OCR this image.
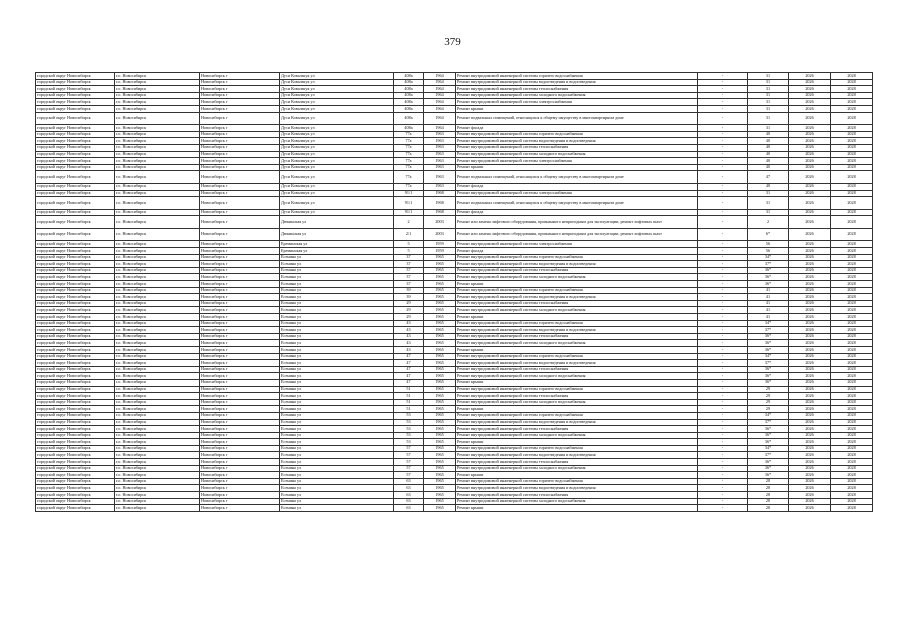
379
городской округ Новосибирск	г.о. Новосибирск	Новосибирск г	Дуси Ковальчук ул	408а	1964	Ремонт внутридомовой инженерной системы горячего водоснабжения	-	31	2026	2028
городской округ Новосибирск	г.о. Новосибирск	Новосибирск г	Дуси Ковальчук ул	408а	1964	Ремонт внутридомовой инженерной системы водоотведения и водоотведения	-	31	2026	2028
городской округ Новосибирск	г.о. Новосибирск	Новосибирск г	Дуси Ковальчук ул	408а	1964	Ремонт внутридомовой инженерной системы теплоснабжения	-	31	2026	2028
городской округ Новосибирск	г.о. Новосибирск	Новосибирск г	Дуси Ковальчук ул	408а	1964	Ремонт внутридомовой инженерной системы холодного водоснабжения	-	31	2026	2028
городской округ Новосибирск	г.о. Новосибирск	Новосибирск г	Дуси Ковальчук ул	408а	1964	Ремонт внутридомовой инженерной системы электроснабжения	-	31	2026	2028
городской округ Новосибирск	г.о. Новосибирск	Новосибирск г	Дуси Ковальчук ул	408а	1964	Ремонт крыши	-	31	2026	2028
городской округ Новосибирск	г.о. Новосибирск	Новосибирск г	Дуси Ковальчук ул	408а	1964	Ремонт подвальных помещений, относящихся к общему имуществу в многоквартирном доме	-	31	2026	2028
городской округ Новосибирск	г.о. Новосибирск	Новосибирск г	Дуси Ковальчук ул	408а	1964	Ремонт фасада	-	31	2026	2028
городской округ Новосибирск	г.о. Новосибирск	Новосибирск г	Дуси Ковальчук ул	77а	1963	Ремонт внутридомовой инженерной системы горячего водоснабжения	-	40	2026	2028
городской округ Новосибирск	г.о. Новосибирск	Новосибирск г	Дуси Ковальчук ул	77а	1963	Ремонт внутридомовой инженерной системы водоотведения и водоотведения	-	40	2026	2028
городской округ Новосибирск	г.о. Новосибирск	Новосибирск г	Дуси Ковальчук ул	77а	1963	Ремонт внутридомовой инженерной системы теплоснабжения	-	40	2026	2028
городской округ Новосибирск	г.о. Новосибирск	Новосибирск г	Дуси Ковальчук ул	77а	1963	Ремонт внутридомовой инженерной системы холодного водоснабжения	-	40	2026	2028
городской округ Новосибирск	г.о. Новосибирск	Новосибирск г	Дуси Ковальчук ул	77а	1963	Ремонт внутридомовой инженерной системы электроснабжения	-	40	2026	2028
городской округ Новосибирск	г.о. Новосибирск	Новосибирск г	Дуси Ковальчук ул	77а	1963	Ремонт крыши	-	40	2026	2028
городской округ Новосибирск	г.о. Новосибирск	Новосибирск г	Дуси Ковальчук ул	77а	1963	Ремонт подвальных помещений, относящихся к общему имуществу в многоквартирном доме	-	47	2026	2028
городской округ Новосибирск	г.о. Новосибирск	Новосибирск г	Дуси Ковальчук ул	77а	1963	Ремонт фасада	-	40	2026	2028
городской округ Новосибирск	г.о. Новосибирск	Новосибирск г	Дуси Ковальчук ул	91/1	1968	Ремонт внутридомовой инженерной системы электроснабжения	-	31	2026	2028
городской округ Новосибирск	г.о. Новосибирск	Новосибирск г	Дуси Ковальчук ул	91/1	1968	Ремонт подвальных помещений, относящихся к общему имуществу в многоквартирном доме	-	31	2026	2028
городской округ Новосибирск	г.о. Новосибирск	Новосибирск г	Дуси Ковальчук ул	91/1	1968	Ремонт фасада	-	31	2026	2028
городской округ Новосибирск	г.о. Новосибирск	Новосибирск г	Дюкинская ул	2	2003	Ремонт или замена лифтового оборудования, признанного непригодным для эксплуатации, ремонт лифтовых шахт	-	2	2026	2028
городской округ Новосибирск	г.о. Новосибирск	Новосибирск г	Дюкинская ул	2/1	2003	Ремонт или замена лифтового оборудования, признанного непригодным для эксплуатации, ремонт лифтовых шахт	-	6*	2026	2028
городской округ Новосибирск	г.о. Новосибирск	Новосибирск г	Ереминская ул	5	1959	Ремонт внутридомовой инженерной системы электроснабжения	-	56	2026	2028
городской округ Новосибирск	г.о. Новосибирск	Новосибирск г	Ереминская ул	5	1959	Ремонт фасада	-	56	2026	2028
городской округ Новосибирск	г.о. Новосибирск	Новосибирск г	Есенина ул	37	1965	Ремонт внутридомовой инженерной системы горячего водоснабжения	-	34*	2026	2028
городской округ Новосибирск	г.о. Новосибирск	Новосибирск г	Есенина ул	37	1965	Ремонт внутридомовой инженерной системы водоотведения и водоотведения	-	37*	2026	2028
городской округ Новосибирск	г.о. Новосибирск	Новосибирск г	Есенина ул	37	1965	Ремонт внутридомовой инженерной системы теплоснабжения	-	36*	2026	2028
городской округ Новосибирск	г.о. Новосибирск	Новосибирск г	Есенина ул	37	1965	Ремонт внутридомовой инженерной системы холодного водоснабжения	-	36*	2026	2028
городской округ Новосибирск	г.о. Новосибирск	Новосибирск г	Есенина ул	37	1965	Ремонт крыши	-	36*	2026	2028
городской округ Новосибирск	г.о. Новосибирск	Новосибирск г	Есенина ул	39	1965	Ремонт внутридомовой инженерной системы горячего водоснабжения	-	41	2026	2028
городской округ Новосибирск	г.о. Новосибирск	Новосибирск г	Есенина ул	39	1965	Ремонт внутридомовой инженерной системы водоотведения и водоотведения	-	41	2026	2028
городской округ Новосибирск	г.о. Новосибирск	Новосибирск г	Есенина ул	29	1965	Ремонт внутридомовой инженерной системы теплоснабжения	-	41	2026	2028
городской округ Новосибирск	г.о. Новосибирск	Новосибирск г	Есенина ул	29	1965	Ремонт внутридомовой инженерной системы холодного водоснабжения	-	41	2026	2028
городской округ Новосибирск	г.о. Новосибирск	Новосибирск г	Есенина ул	29	1965	Ремонт крыши	-	41	2026	2028
городской округ Новосибирск	г.о. Новосибирск	Новосибирск г	Есенина ул	43	1965	Ремонт внутридомовой инженерной системы горячего водоснабжения	-	34*	2026	2028
городской округ Новосибирск	г.о. Новосибирск	Новосибирск г	Есенина ул	43	1965	Ремонт внутридомовой инженерной системы водоотведения и водоотведения	-	37*	2026	2028
городской округ Новосибирск	г.о. Новосибирск	Новосибирск г	Есенина ул	43	1965	Ремонт внутридомовой инженерной системы теплоснабжения	-	36*	2026	2028
городской округ Новосибирск	г.о. Новосибирск	Новосибирск г	Есенина ул	43	1965	Ремонт внутридомовой инженерной системы холодного водоснабжения	-	36*	2026	2028
городской округ Новосибирск	г.о. Новосибирск	Новосибирск г	Есенина ул	43	1965	Ремонт крыши	-	36*	2026	2028
городской округ Новосибирск	г.о. Новосибирск	Новосибирск г	Есенина ул	47	1965	Ремонт внутридомовой инженерной системы горячего водоснабжения	-	34*	2026	2028
городской округ Новосибирск	г.о. Новосибирск	Новосибирск г	Есенина ул	47	1965	Ремонт внутридомовой инженерной системы водоотведения и водоотведения	-	37*	2026	2028
городской округ Новосибирск	г.о. Новосибирск	Новосибирск г	Есенина ул	47	1965	Ремонт внутридомовой инженерной системы теплоснабжения	-	36*	2026	2028
городской округ Новосибирск	г.о. Новосибирск	Новосибирск г	Есенина ул	47	1965	Ремонт внутридомовой инженерной системы холодного водоснабжения	-	36*	2026	2028
городской округ Новосибирск	г.о. Новосибирск	Новосибирск г	Есенина ул	47	1965	Ремонт крыши	-	36*	2026	2028
городской округ Новосибирск	г.о. Новосибирск	Новосибирск г	Есенина ул	51	1965	Ремонт внутридомовой инженерной системы горячего водоснабжения	-	29	2026	2028
городской округ Новосибирск	г.о. Новосибирск	Новосибирск г	Есенина ул	51	1965	Ремонт внутридомовой инженерной системы теплоснабжения	-	29	2026	2028
городской округ Новосибирск	г.о. Новосибирск	Новосибирск г	Есенина ул	51	1965	Ремонт внутридомовой инженерной системы холодного водоснабжения	-	29	2026	2028
городской округ Новосибирск	г.о. Новосибирск	Новосибирск г	Есенина ул	51	1965	Ремонт крыши	-	29	2026	2028
городской округ Новосибирск	г.о. Новосибирск	Новосибирск г	Есенина ул	53	1965	Ремонт внутридомовой инженерной системы горячего водоснабжения	-	34*	2026	2028
городской округ Новосибирск	г.о. Новосибирск	Новосибирск г	Есенина ул	53	1965	Ремонт внутридомовой инженерной системы водоотведения и водоотведения	-	37*	2026	2028
городской округ Новосибирск	г.о. Новосибирск	Новосибирск г	Есенина ул	53	1965	Ремонт внутридомовой инженерной системы теплоснабжения	-	36*	2026	2028
городской округ Новосибирск	г.о. Новосибирск	Новосибирск г	Есенина ул	53	1965	Ремонт внутридомовой инженерной системы холодного водоснабжения	-	36*	2026	2028
городской округ Новосибирск	г.о. Новосибирск	Новосибирск г	Есенина ул	53	1965	Ремонт крыши	-	36*	2026	2028
городской округ Новосибирск	г.о. Новосибирск	Новосибирск г	Есенина ул	57	1965	Ремонт внутридомовой инженерной системы горячего водоснабжения	-	34*	2026	2028
городской округ Новосибирск	г.о. Новосибирск	Новосибирск г	Есенина ул	57	1965	Ремонт внутридомовой инженерной системы водоотведения и водоотведения	-	37*	2026	2028
городской округ Новосибирск	г.о. Новосибирск	Новосибирск г	Есенина ул	57	1965	Ремонт внутридомовой инженерной системы теплоснабжения	-	36*	2026	2028
городской округ Новосибирск	г.о. Новосибирск	Новосибирск г	Есенина ул	57	1965	Ремонт внутридомовой инженерной системы холодного водоснабжения	-	36*	2026	2028
городской округ Новосибирск	г.о. Новосибирск	Новосибирск г	Есенина ул	57	1965	Ремонт крыши	-	36*	2026	2028
городской округ Новосибирск	г.о. Новосибирск	Новосибирск г	Есенина ул	63	1965	Ремонт внутридомовой инженерной системы горячего водоснабжения	-	28	2026	2028
городской округ Новосибирск	г.о. Новосибирск	Новосибирск г	Есенина ул	63	1965	Ремонт внутридомовой инженерной системы водоотведения и водоотведения	-	28	2026	2028
городской округ Новосибирск	г.о. Новосибирск	Новосибирск г	Есенина ул	63	1965	Ремонт внутридомовой инженерной системы теплоснабжения	-	28	2026	2028
городской округ Новосибирск	г.о. Новосибирск	Новосибирск г	Есенина ул	63	1965	Ремонт внутридомовой инженерной системы холодного водоснабжения	-	28	2026	2028
городской округ Новосибирск	г.о. Новосибирск	Новосибирск г	Есенина ул	63	1965	Ремонт крыши	-	28	2026	2028
